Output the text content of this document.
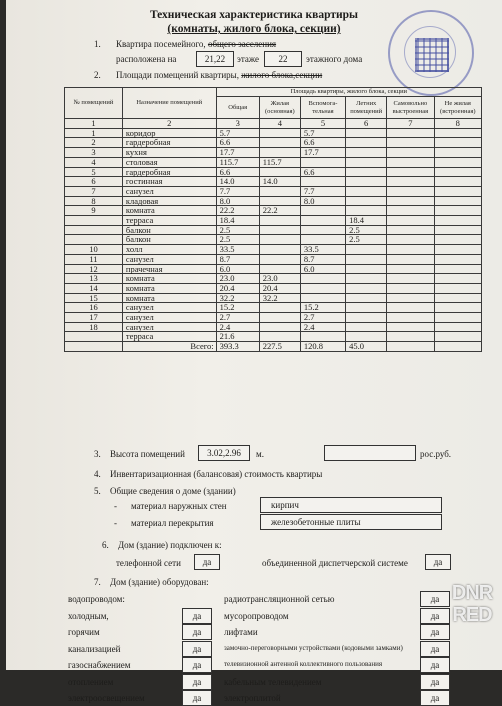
Техническая характеристика квартиры
(комнаты, жилого блока, секции)
1. Квартира посемейного, общего заселения
расположена на	21,22	этаже	22	этажного дома
2. Площади помещений квартиры, жилого блока,секции
№ помещений	Назначение помещений	Площадь квартиры, жилого блока, секции					
		Общая	Жилая (основная)	Вспомога-тельная	Летних помещений	Самовольно выстроенная	Не жилая (встроенная)
1	2	3	4	5	6	7	8
1	коридор	5.7		5.7			
2	гардеробная	6.6		6.6			
3	кухня	17.7		17.7			
4	столовая	115.7	115.7				
5	гардеробная	6.6		6.6			
6	гостинная	14.0	14.0				
7	санузел	7.7		7.7			
8	кладовая	8.0		8.0			
9	комната	22.2	22.2				
	терраса	18.4			18.4		
	балкон	2.5			2.5		
	балкон	2.5			2.5		
10	холл	33.5		33.5			
11	санузел	8.7		8.7			
12	прачечная	6.0		6.0			
13	комната	23.0	23.0				
14	комната	20.4	20.4				
15	комната	32.2	32.2				
16	санузел	15.2		15.2			
17	санузел	2.7		2.7			
18	санузел	2.4		2.4			
	терраса	21.6					
	Всего:	393.3	227.5	120.8	45.0		
3. Высота помещений	3.02,2.96	м.	рос.руб.
4. Инвентаризационная (балансовая) стоимость квартиры
5. Общие сведения о доме (здании)
- материал наружных стен	кирпич
- материал перекрытия	железобетонные плиты
6. Дом (здание) подключен к:
телефонной сети	да	объединенной диспетчерской системе	да
7. Дом (здание) оборудован:
водопроводом:
холодным,	да
горячим	да
канализацией	да
газоснабжением	да
отоплением	да
электроосвещением	да
радиотрансляционной сетью	да
мусоропроводом	да
лифтами	да
замочно-переговорными устройствами (кодовыми замками)	да
телевизионной антенной коллективного пользования	да
кабельным телевидением	да
электроплитой	да
DNR
RED
